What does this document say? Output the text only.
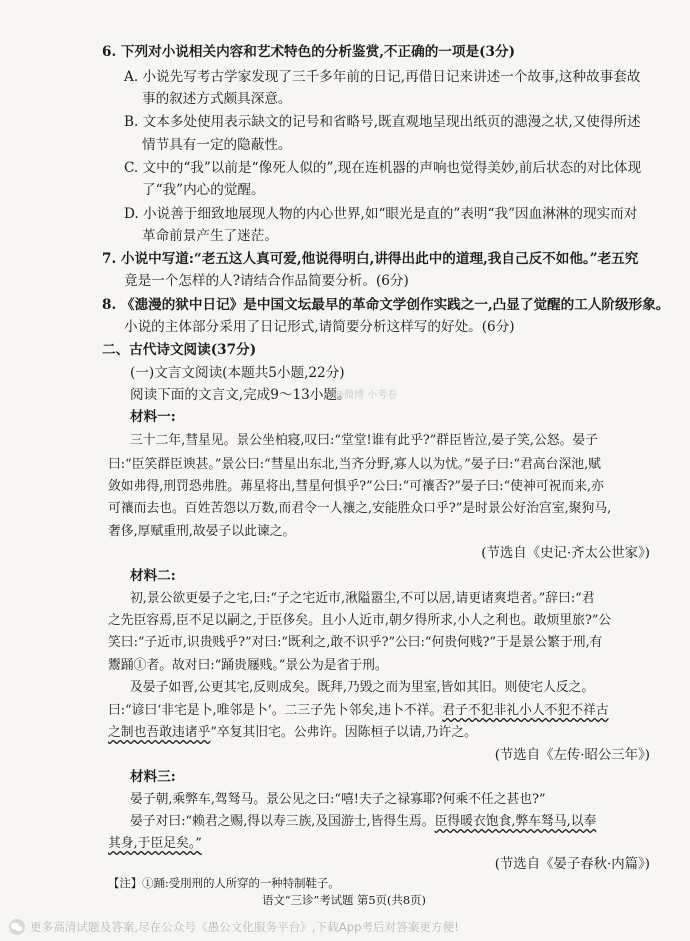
6. 下列对小说相关内容和艺术特色的分析鉴赏,不正确的一项是(3分)
A. 小说先写考古学家发现了三千多年前的日记,再借日记来讲述一个故事,这种故事套故
事的叙述方式颇具深意。
B. 文本多处使用表示缺文的记号和省略号,既直观地呈现出纸页的漶漫之状,又使得所述
情节具有一定的隐蔽性。
C. 文中的“我”以前是“像死人似的”,现在连机器的声响也觉得美妙,前后状态的对比体现
了“我”内心的觉醒。
D. 小说善于细致地展现人物的内心世界,如“眼光是直的”表明“我”因血淋淋的现实而对
革命前景产生了迷茫。
7. 小说中写道:“老五这人真可爱,他说得明白,讲得出此中的道理,我自己反不如他。”老五究
竟是一个怎样的人?请结合作品简要分析。(6分)
8. 《漶漫的狱中日记》是中国文坛最早的革命文学创作实践之一,凸显了觉醒的工人阶级形象。
小说的主体部分采用了日记形式,请简要分析这样写的好处。(6分)
二、古代诗文阅读(37分)
(一)文言文阅读(本题共5小题,22分)
阅读下面的文言文,完成9～13小题。
材料一:
三十二年,彗星见。景公坐柏寝,叹曰:“堂堂!谁有此乎?”群臣皆泣,晏子笑,公怒。晏子
曰:“臣笑群臣谀甚。”景公曰:“彗星出东北,当齐分野,寡人以为忧。”晏子曰:“君高台深池,赋
敛如弗得,刑罚恐弗胜。茀星将出,彗星何惧乎?”公曰:“可禳否?”晏子曰:“使神可祝而来,亦
可禳而去也。百姓苦怨以万数,而君令一人禳之,安能胜众口乎?”是时景公好治宫室,聚狗马,
奢侈,厚赋重刑,故晏子以此谏之。
(节选自《史记·齐太公世家》)
材料二:
初,景公欲更晏子之宅,曰:“子之宅近市,湫隘嚣尘,不可以居,请更诸爽垲者。”辞曰:“君
之先臣容焉,臣不足以嗣之,于臣侈矣。且小人近市,朝夕得所求,小人之利也。敢烦里旅?”公
笑曰:“子近市,识贵贱乎?”对曰:“既利之,敢不识乎?”公曰:“何贵何贱?”于是景公繁于刑,有
鬻踊①者。故对曰:“踊贵屦贱。”景公为是省于刑。
及晏子如晋,公更其宅,反则成矣。既拜,乃毁之而为里室,皆如其旧。则使宅人反之。
曰:“谚曰‘非宅是卜,唯邻是卜’。二三子先卜邻矣,违卜不祥。君子不犯非礼小人不犯不祥古
之制也吾敢违诸乎”卒复其旧宅。公弗许。因陈桓子以请,乃许之。
(节选自《左传·昭公三年》)
材料三:
晏子朝,乘弊车,驾驽马。景公见之曰:“嘻!夫子之禄寡耶?何乘不任之甚也?”
晏子对曰:“赖君之赐,得以寿三族,及国游士,皆得生焉。臣得暖衣饱食,弊车驽马,以奉
其身,于臣足矣。”
(节选自《晏子春秋·内篇》)
【注】①踊:受刖刑的人所穿的一种特制鞋子。
语文“三诊”考试题 第5页(共8页)
@微博 小考卷
更多高清试题及答案,尽在公众号《愚公文化服务平台》,下载App考后对答案更方便!
